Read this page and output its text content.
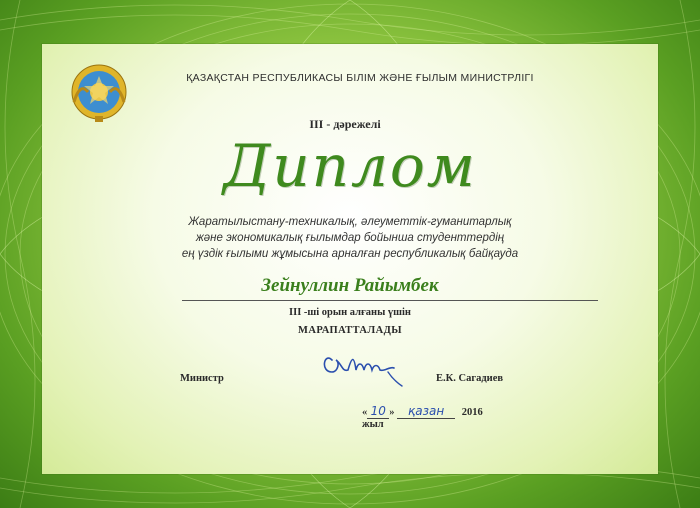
ҚАЗАҚСТАН РЕСПУБЛИКАСЫ БІЛІМ ЖӘНЕ ҒЫЛЫМ МИНИСТРЛІГІ
III - дәрежелі
Диплом
Жаратылыстану-техникалық, әлеуметтік-гуманитарлық
және экономикалық ғылымдар бойынша студенттердің
ең үздік ғылыми жұмысына арналған республикалық байқауда
Зейнуллин Райымбек
III -ші орын алғаны үшін
МАРАПАТТАЛАДЫ
Министр	Е.К. Сагадиев
« 10 » қазан 2016 жыл
